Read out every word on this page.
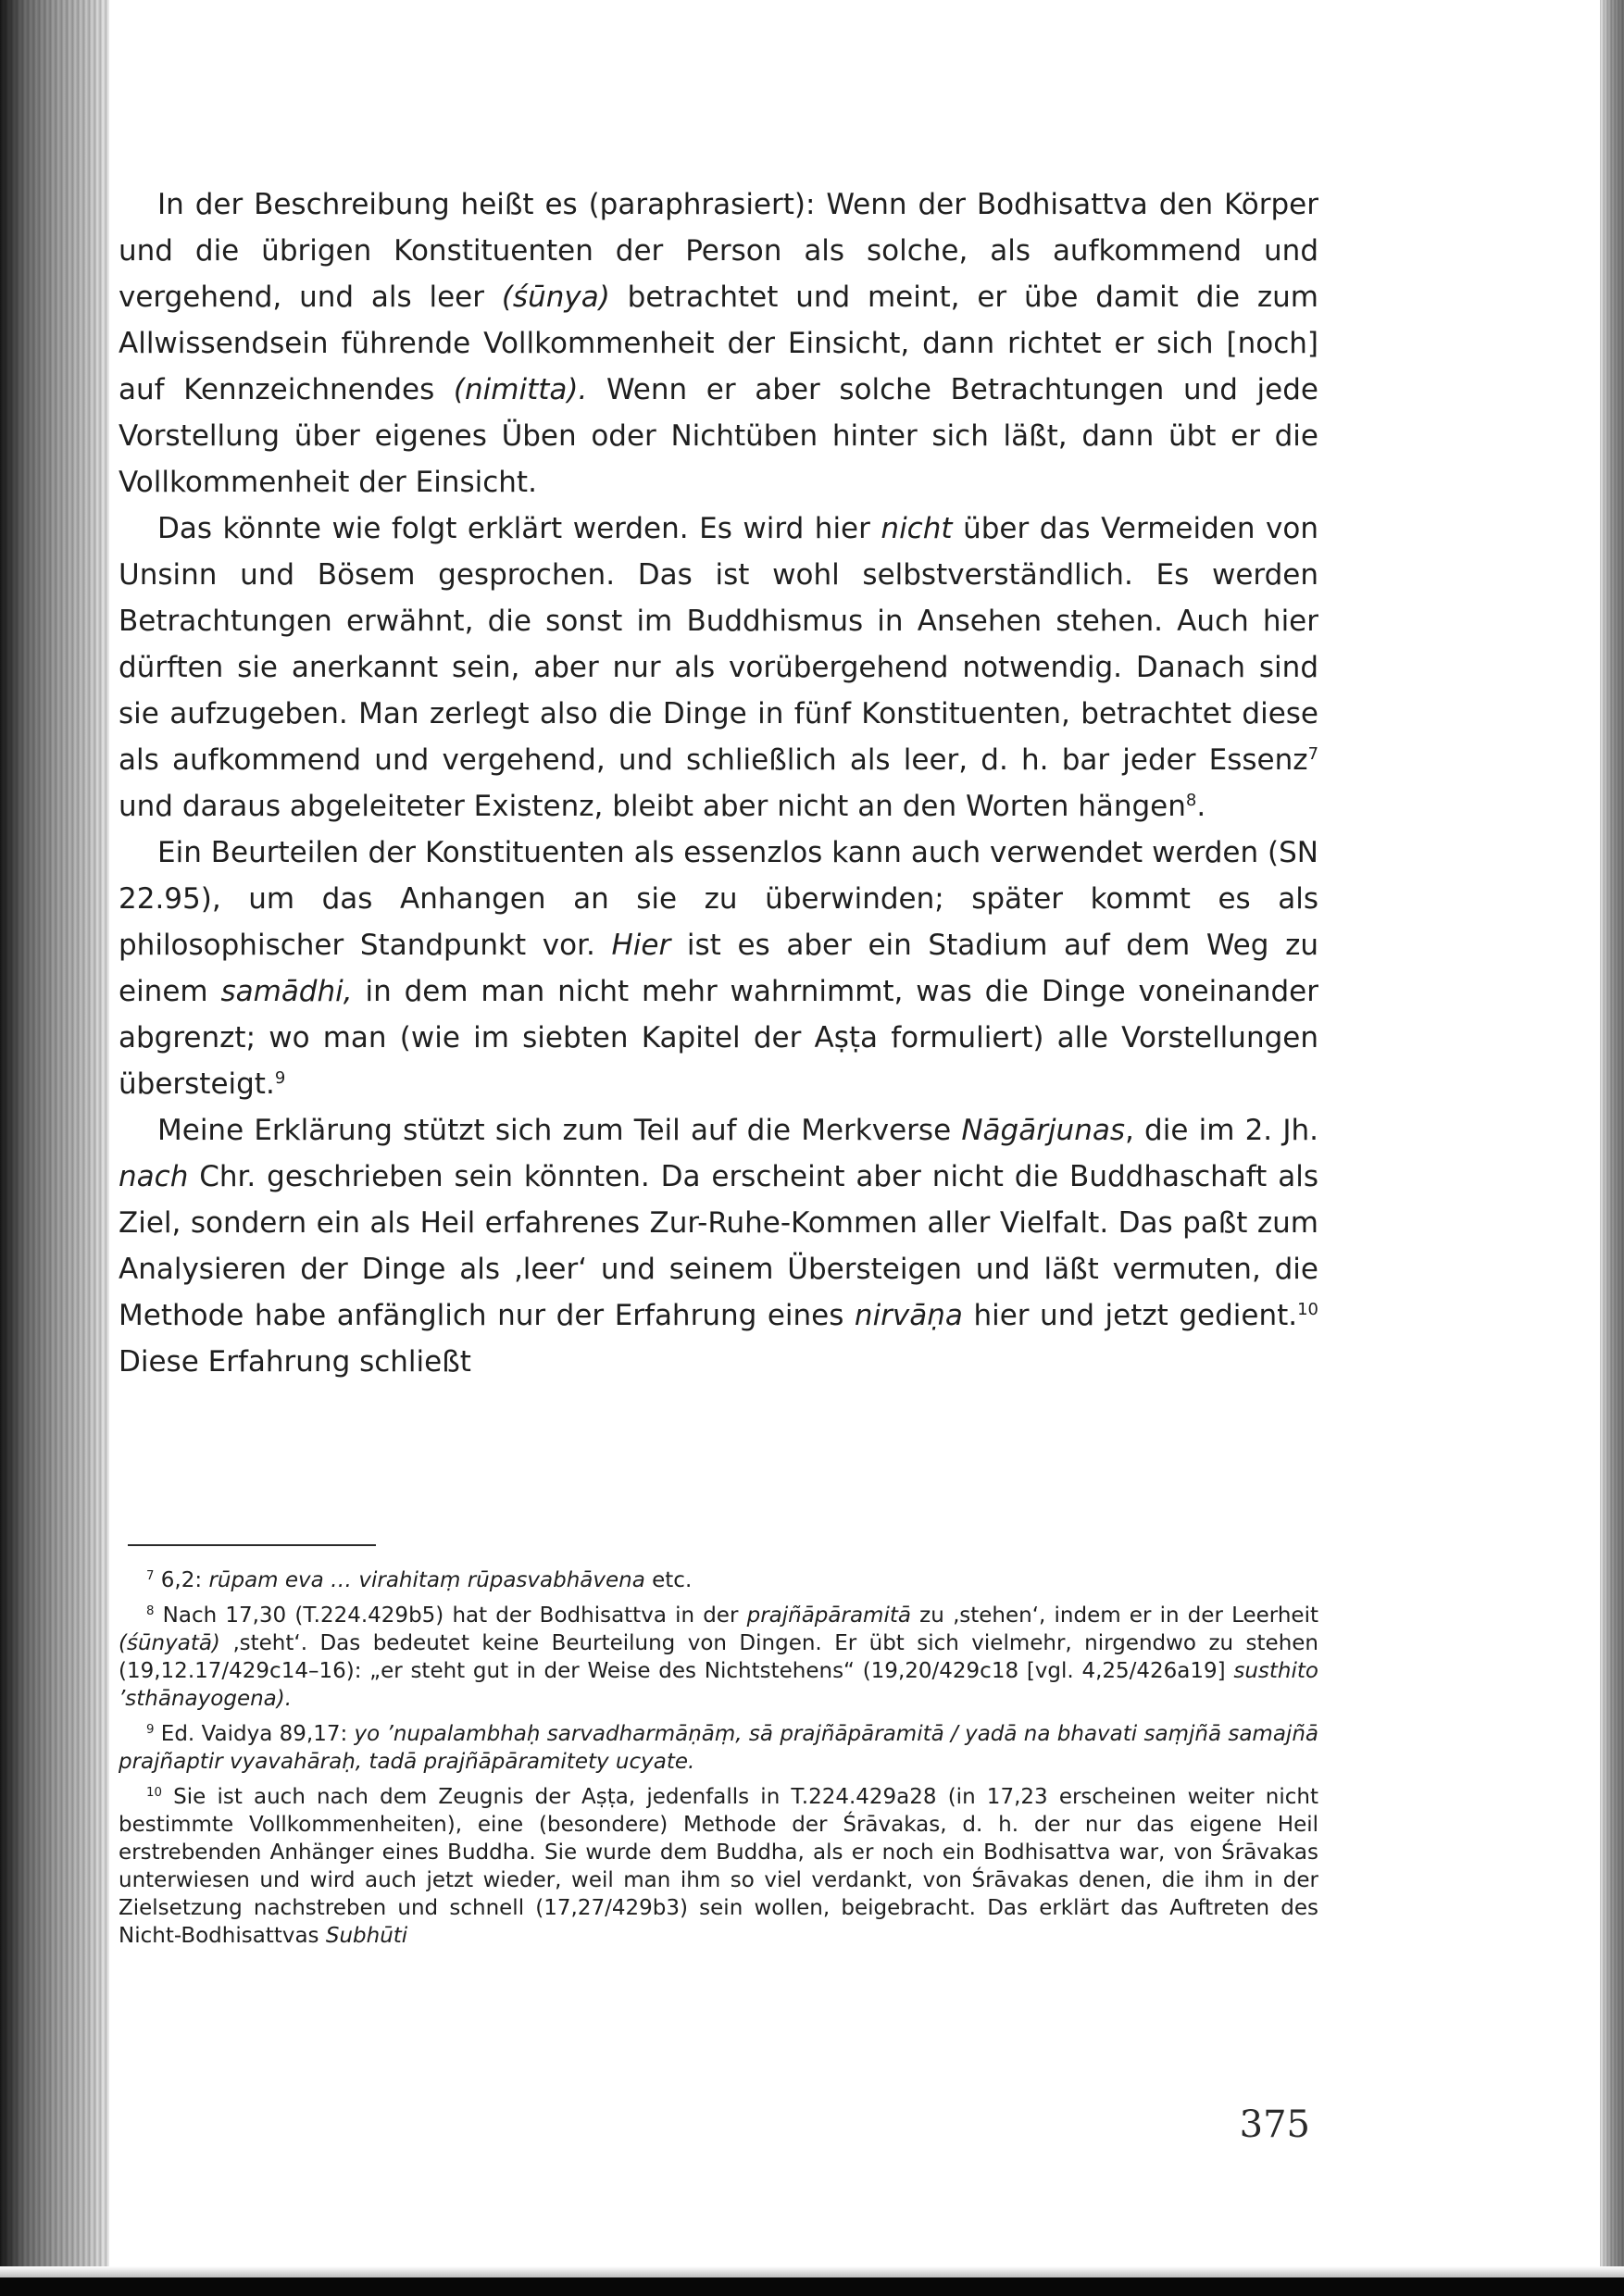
In der Beschreibung heißt es (paraphrasiert): Wenn der Bodhisattva den Körper und die übrigen Konstituenten der Person als solche, als aufkommend und vergehend, und als leer (śūnya) betrachtet und meint, er übe damit die zum Allwissendsein führende Vollkommenheit der Einsicht, dann richtet er sich [noch] auf Kennzeichnendes (nimitta). Wenn er aber solche Betrachtungen und jede Vorstellung über eigenes Üben oder Nichtüben hinter sich läßt, dann übt er die Vollkommenheit der Einsicht.

Das könnte wie folgt erklärt werden. Es wird hier nicht über das Vermeiden von Unsinn und Bösem gesprochen. Das ist wohl selbstverständlich. Es werden Betrachtungen erwähnt, die sonst im Buddhismus in Ansehen stehen. Auch hier dürften sie anerkannt sein, aber nur als vorübergehend notwendig. Danach sind sie aufzugeben. Man zerlegt also die Dinge in fünf Konstituenten, betrachtet diese als aufkommend und vergehend, und schließlich als leer, d. h. bar jeder Essenz$^7$ und daraus abgeleiteter Existenz, bleibt aber nicht an den Worten hängen$^8$.

Ein Beurteilen der Konstituenten als essenzlos kann auch verwendet werden (SN 22.95), um das Anhangen an sie zu überwinden; später kommt es als philosophischer Standpunkt vor. Hier ist es aber ein Stadium auf dem Weg zu einem samādhi, in dem man nicht mehr wahrnimmt, was die Dinge voneinander abgrenzt; wo man (wie im siebten Kapitel der Aṣṭa formuliert) alle Vorstellungen übersteigt.$^9$

Meine Erklärung stützt sich zum Teil auf die Merkverse Nāgārjunas, die im 2. Jh. nach Chr. geschrieben sein könnten. Da erscheint aber nicht die Buddhaschaft als Ziel, sondern ein als Heil erfahrenes Zur-Ruhe-Kommen aller Vielfalt. Das paßt zum Analysieren der Dinge als ‚leer‘ und seinem Übersteigen und läßt vermuten, die Methode habe anfänglich nur der Erfahrung eines nirvāṇa hier und jetzt gedient.$^{10}$ Diese Erfahrung schließt

$^7$ 6,2: rūpam eva … virahitaṃ rūpasvabhāvena etc.

$^8$ Nach 17,30 (T.224.429b5) hat der Bodhisattva in der prajñāpāramitā zu ‚stehen‘, indem er in der Leerheit (śūnyatā) ‚steht‘. Das bedeutet keine Beurteilung von Dingen. Er übt sich vielmehr, nirgendwo zu stehen (19,12.17/429c14–16): „er steht gut in der Weise des Nichtstehens“ (19,20/429c18 [vgl. 4,25/426a19] susthito ’sthānayogena).

$^9$ Ed. Vaidya 89,17: yo ’nupalambhaḥ sarvadharmāṇāṃ, sā prajñāpāramitā / yadā na bhavati saṃjñā samajñā prajñaptir vyavahāraḥ, tadā prajñāpāramitety ucyate.

$^{10}$ Sie ist auch nach dem Zeugnis der Aṣṭa, jedenfalls in T.224.429a28 (in 17,23 erscheinen weiter nicht bestimmte Vollkommenheiten), eine (besondere) Methode der Śrāvakas, d. h. der nur das eigene Heil erstrebenden Anhänger eines Buddha. Sie wurde dem Buddha, als er noch ein Bodhisattva war, von Śrāvakas unterwiesen und wird auch jetzt wieder, weil man ihm so viel verdankt, von Śrāvakas denen, die ihm in der Zielsetzung nachstreben und schnell (17,27/429b3) sein wollen, beigebracht. Das erklärt das Auftreten des Nicht-Bodhisattvas Subhūti

375
